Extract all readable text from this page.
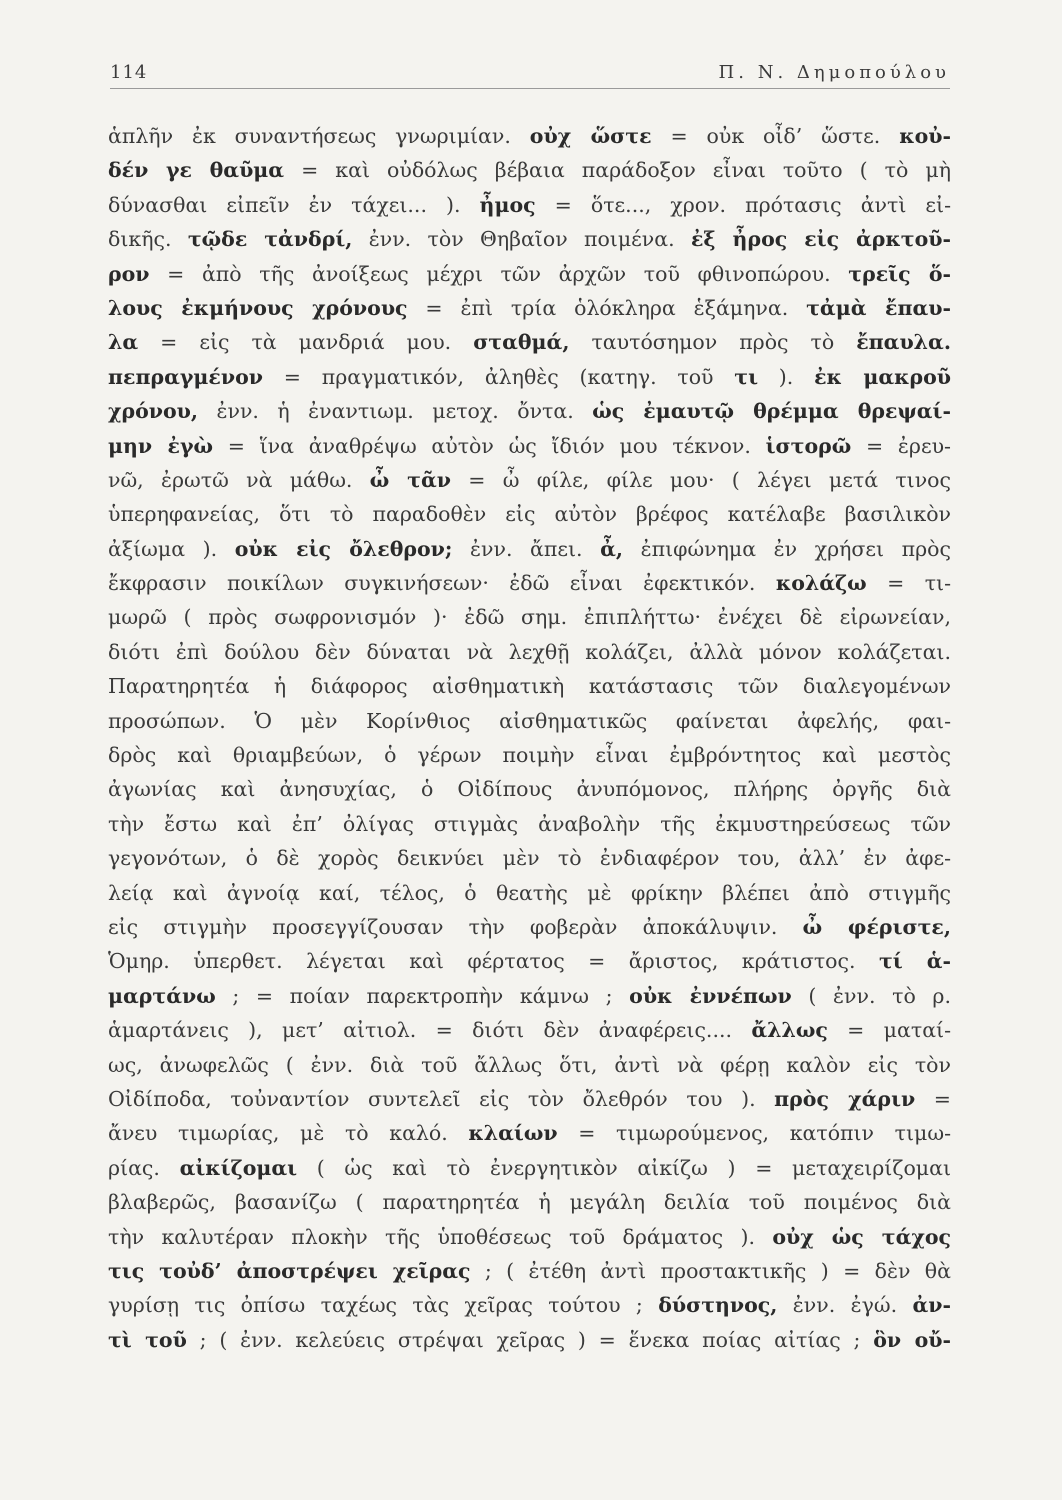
114	Π. Ν. Δημοπούλου
ἁπλῆν ἐκ συναντήσεως γνωριμίαν. οὐχ ὥστε = οὐκ οἶδ’ ὥστε. κοὐ-
δέν γε θαῦμα = καὶ οὐδόλως βέβαια παράδοξον εἶναι τοῦτο ( τὸ μὴ
δύνασθαι εἰπεῖν ἐν τάχει... ). ἦμος = ὅτε..., χρον. πρότασις ἀντὶ εἰ-
δικῆς. τῷδε τἀνδρί, ἐνν. τὸν Θηβαῖον ποιμένα. ἐξ ἦρος εἰς ἀρκτοῦ-
ρον = ἀπὸ τῆς ἀνοίξεως μέχρι τῶν ἀρχῶν τοῦ φθινοπώρου. τρεῖς ὅ-
λους ἐκμήνους χρόνους = ἐπὶ τρία ὁλόκληρα ἑξάμηνα. τἀμὰ ἔπαυ-
λα = εἰς τὰ μανδριά μου. σταθμά, ταυτόσημον πρὸς τὸ ἔπαυλα.
πεπραγμένον = πραγματικόν, ἀληθὲς (κατηγ. τοῦ τι ). ἐκ μακροῦ
χρόνου, ἐνν. ἡ ἐναντιωμ. μετοχ. ὄντα. ὡς ἐμαυτῷ θρέμμα θρεψαί-
μην ἐγὼ = ἵνα ἀναθρέψω αὐτὸν ὡς ἴδιόν μου τέκνον. ἱστορῶ = ἐρευ-
νῶ, ἐρωτῶ νὰ μάθω. ὦ τᾶν = ὦ φίλε, φίλε μου· ( λέγει μετά τινος
ὑπερηφανείας, ὅτι τὸ παραδοθὲν εἰς αὐτὸν βρέφος κατέλαβε βασιλικὸν
ἀξίωμα ). οὐκ εἰς ὄλεθρον; ἐνν. ἄπει. ἆ, ἐπιφώνημα ἐν χρήσει πρὸς
ἔκφρασιν ποικίλων συγκινήσεων· ἐδῶ εἶναι ἐφεκτικόν. κολάζω = τι-
μωρῶ ( πρὸς σωφρονισμόν )· ἐδῶ σημ. ἐπιπλήττω· ἐνέχει δὲ εἰρωνείαν,
διότι ἐπὶ δούλου δὲν δύναται νὰ λεχθῇ κολάζει, ἀλλὰ μόνον κολάζεται.
Παρατηρητέα ἡ διάφορος αἰσθηματικὴ κατάστασις τῶν διαλεγομένων
προσώπων. Ὁ μὲν Κορίνθιος αἰσθηματικῶς φαίνεται ἀφελής, φαι-
δρὸς καὶ θριαμβεύων, ὁ γέρων ποιμὴν εἶναι ἐμβρόντητος καὶ μεστὸς
ἀγωνίας καὶ ἀνησυχίας, ὁ Οἰδίπους ἀνυπόμονος, πλήρης ὀργῆς διὰ
τὴν ἔστω καὶ ἐπ’ ὀλίγας στιγμὰς ἀναβολὴν τῆς ἐκμυστηρεύσεως τῶν
γεγονότων, ὁ δὲ χορὸς δεικνύει μὲν τὸ ἐνδιαφέρον του, ἀλλ’ ἐν ἀφε-
λείᾳ καὶ ἀγνοίᾳ καί, τέλος, ὁ θεατὴς μὲ φρίκην βλέπει ἀπὸ στιγμῆς
εἰς στιγμὴν προσεγγίζουσαν τὴν φοβερὰν ἀποκάλυψιν. ὦ φέριστε,
Ὁμηρ. ὑπερθετ. λέγεται καὶ φέρτατος = ἄριστος, κράτιστος. τί ἁ-
μαρτάνω ; = ποίαν παρεκτροπὴν κάμνω ; οὐκ ἐννέπων ( ἐνν. τὸ ρ.
ἁμαρτάνεις ), μετ’ αἰτιολ. = διότι δὲν ἀναφέρεις.... ἄλλως = ματαί-
ως, ἀνωφελῶς ( ἐνν. διὰ τοῦ ἄλλως ὅτι, ἀντὶ νὰ φέρῃ καλὸν εἰς τὸν
Οἰδίποδα, τοὐναντίον συντελεῖ εἰς τὸν ὄλεθρόν του ). πρὸς χάριν =
ἄνευ τιμωρίας, μὲ τὸ καλό. κλαίων = τιμωρούμενος, κατόπιν τιμω-
ρίας. αἰκίζομαι ( ὡς καὶ τὸ ἐνεργητικὸν αἰκίζω ) = μεταχειρίζομαι
βλαβερῶς, βασανίζω ( παρατηρητέα ἡ μεγάλη δειλία τοῦ ποιμένος διὰ
τὴν καλυτέραν πλοκὴν τῆς ὑποθέσεως τοῦ δράματος ). οὐχ ὡς τάχος
τις τοὐδ’ ἀποστρέψει χεῖρας ; ( ἐτέθη ἀντὶ προστακτικῆς ) = δὲν θὰ
γυρίσῃ τις ὀπίσω ταχέως τὰς χεῖρας τούτου ; δύστηνος, ἐνν. ἐγώ. ἀν-
τὶ τοῦ ; ( ἐνν. κελεύεις στρέψαι χεῖρας ) = ἕνεκα ποίας αἰτίας ; ὃν οὔ-
